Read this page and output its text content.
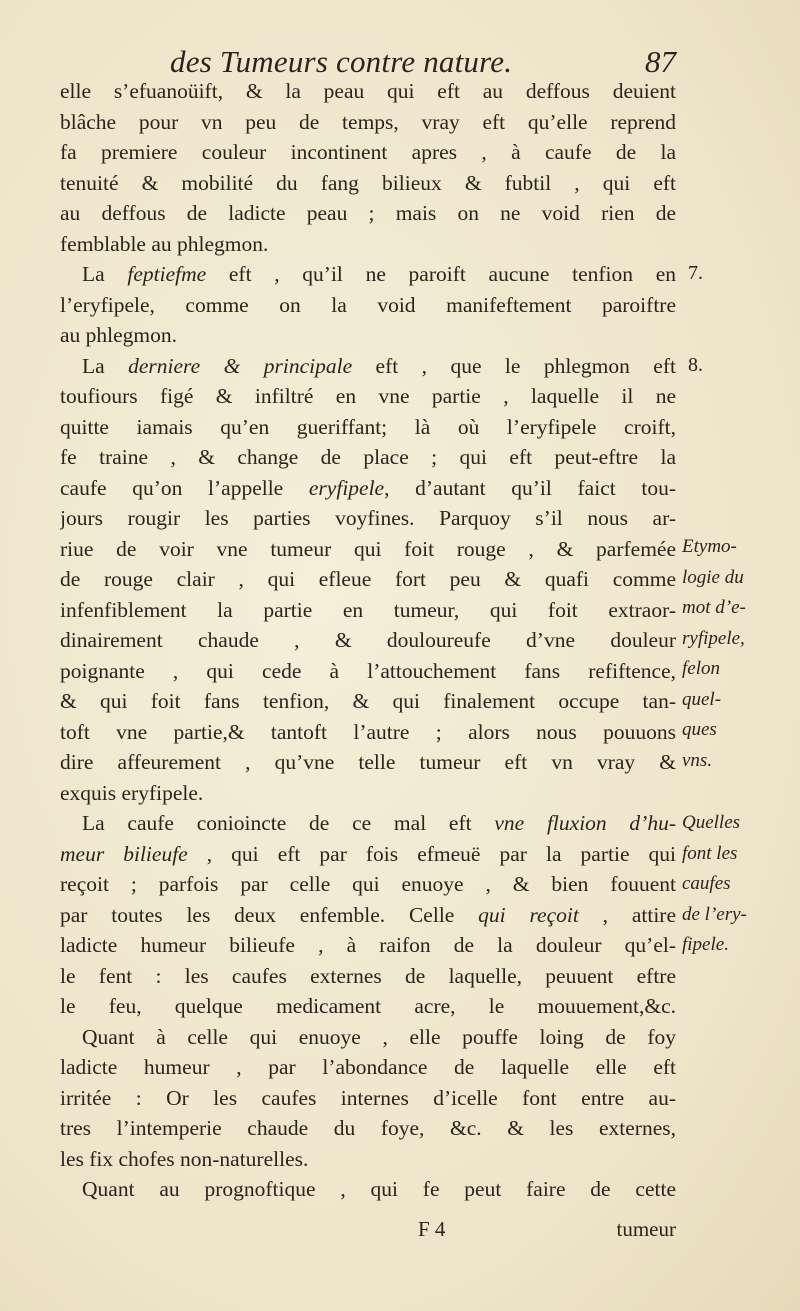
des Tumeurs contre nature.	87
elle s’efuanoüift, & la peau qui eft au deffous deuient
blâche pour vn peu de temps, vray eft qu’elle reprend
fa premiere couleur incontinent apres , à caufe de la
tenuité & mobilité du fang bilieux & fubtil , qui eft
au deffous de ladicte peau ; mais on ne void rien de
femblable au phlegmon.
La feptiefme eft , qu’il ne paroift aucune tenfion en
l’eryfipele, comme on la void manifeftement paroiftre
au phlegmon.
La derniere & principale eft , que le phlegmon eft
toufiours figé & infiltré en vne partie , laquelle il ne
quitte iamais qu’en gueriffant; là où l’eryfipele croift,
fe traine , & change de place ; qui eft peut-eftre la
caufe qu’on l’appelle eryfipele, d’autant qu’il faict tou-
jours rougir les parties voyfines. Parquoy s’il nous ar-
riue de voir vne tumeur qui foit rouge , & parfemée
de rouge clair , qui efleue fort peu & quafi comme
infenfiblement la partie en tumeur, qui foit extraor-
dinairement chaude , & douloureufe d’vne douleur
poignante , qui cede à l’attouchement fans refiftence,
& qui foit fans tenfion, & qui finalement occupe tan-
toft vne partie,& tantoft l’autre ; alors nous pouuons
dire affeurement , qu’vne telle tumeur eft vn vray &
exquis eryfipele.
La caufe conioincte de ce mal eft vne fluxion d’hu-
meur bilieufe , qui eft par fois efmeuë par la partie qui
reçoit ; parfois par celle qui enuoye , & bien fouuent
par toutes les deux enfemble. Celle qui reçoit , attire
ladicte humeur bilieufe , à raifon de la douleur qu’el-
le fent : les caufes externes de laquelle, peuuent eftre
le feu, quelque medicament acre, le mouuement,&c.
Quant à celle qui enuoye , elle pouffe loing de foy
ladicte humeur , par l’abondance de laquelle elle eft
irritée : Or les caufes internes d’icelle font entre au-
tres l’intemperie chaude du foye, &c. & les externes,
les fix chofes non-naturelles.
Quant au prognoftique , qui fe peut faire de cette
7.
8.
Etymo-
logie du
mot d’e-
ryfipele,
felon
quel-
ques
vns.
Quelles
font les
caufes
de l’ery-
fipele.
F 4	tumeur
